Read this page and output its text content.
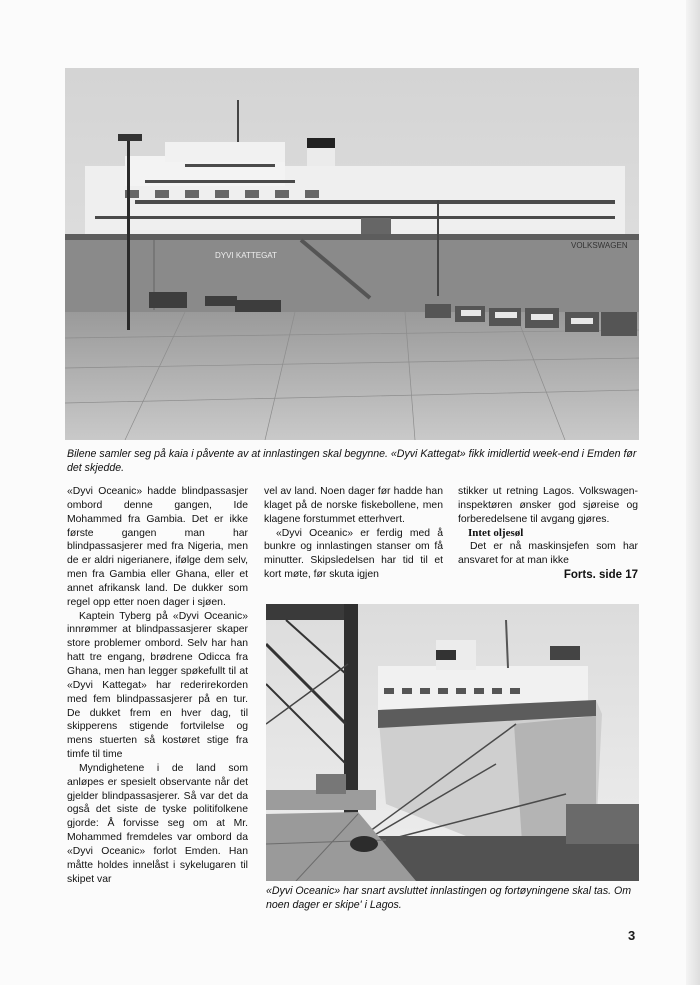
DYVI KATTEGAT
VOLKSWAGEN
Bilene samler seg på kaia i påvente av at innlastingen skal begynne. «Dyvi Kattegat» fikk imidlertid week-end i Emden før det skjedde.

«Dyvi Oceanic» hadde blindpassasjer ombord denne gangen, Ide Mohammed fra Gambia. Det er ikke første gangen man har blindpassasjerer med fra Nigeria, men de er aldri nigerianere, ifølge dem selv, men fra Gambia eller Ghana, eller et annet afrikansk land. De dukker som regel opp etter noen dager i sjøen.

Kaptein Tyberg på «Dyvi Oceanic» innrømmer at blindpassasjerer skaper store problemer ombord. Selv har han hatt tre engang, brødrene Odicca fra Ghana, men han legger spøkefullt til at «Dyvi Kattegat» har rederirekorden med fem blindpassasjerer på en tur. De dukket frem en hver dag, til skipperens stigende fortvilelse og mens stuerten så kostøret stige fra timfe til time

Myndighetene i de land som anløpes er spesielt observante når det gjelder blindpassasjerer. Så var det da også det siste de tyske politifolkene gjorde: Å forvisse seg om at Mr. Mohammed fremdeles var ombord da «Dyvi Oceanic» forlot Emden. Han måtte holdes innelåst i sykelugaren til skipet var

vel av land. Noen dager før hadde han klaget på de norske fiskebollene, men klagene forstummet etterhvert.

«Dyvi Oceanic» er ferdig med å bunkre og innlastingen stanser om få minutter. Skipsledelsen har tid til et kort møte, før skuta igjen

stikker ut retning Lagos. Volkswagen-inspektøren ønsker god sjøreise og forberedelsene til avgang gjøres.

Intet oljesøl

Det er nå maskinsjefen som har ansvaret for at man ikke

Forts. side 17
«Dyvi Oceanic» har snart avsluttet innlastingen og fortøyningene skal tas. Om noen dager er skipe' i Lagos.
3
